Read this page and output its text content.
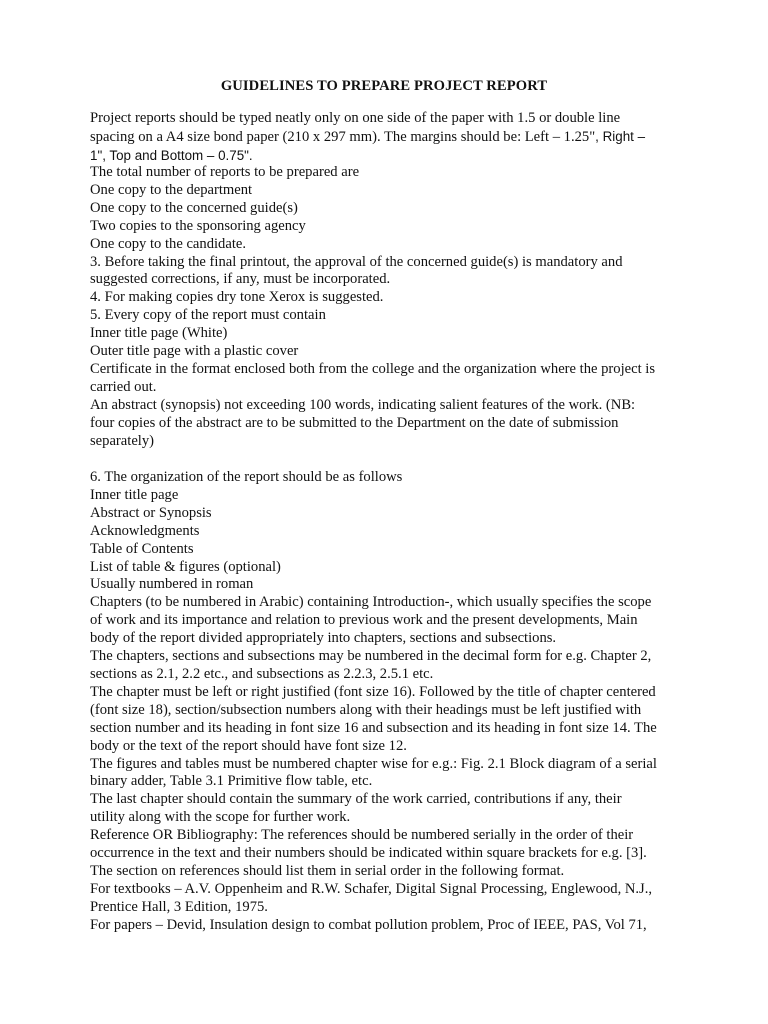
GUIDELINES TO PREPARE PROJECT REPORT

Project reports should be typed neatly only on one side of the paper with 1.5 or double line

spacing on a A4 size bond paper (210 x 297 mm). The margins should be: Left – 1.25", Right –

1", Top and Bottom – 0.75".

The total number of reports to be prepared are

One copy to the department

One copy to the concerned guide(s)

Two copies to the sponsoring agency

One copy to the candidate.

3. Before taking the final printout, the approval of the concerned guide(s) is mandatory and

suggested corrections, if any, must be incorporated.

4. For making copies dry tone Xerox is suggested.

5. Every copy of the report must contain

Inner title page (White)

Outer title page with a plastic cover

Certificate in the format enclosed both from the college and the organization where the project is

carried out.

An abstract (synopsis) not exceeding 100 words, indicating salient features of the work. (NB:

four copies of the abstract are to be submitted to the Department on the date of submission

separately)

6. The organization of the report should be as follows

Inner title page

Abstract or Synopsis

Acknowledgments

Table of Contents

List of table & figures (optional)

Usually numbered in roman

Chapters (to be numbered in Arabic) containing Introduction-, which usually specifies the scope

of work and its importance and relation to previous work and the present developments, Main

body of the report divided appropriately into chapters, sections and subsections.

The chapters, sections and subsections may be numbered in the decimal form for e.g. Chapter 2,

sections as 2.1, 2.2 etc., and subsections as 2.2.3, 2.5.1 etc.

The chapter must be left or right justified (font size 16). Followed by the title of chapter centered

(font size 18), section/subsection numbers along with their headings must be left justified with

section number and its heading in font size 16 and subsection and its heading in font size 14. The

body or the text of the report should have font size 12.

The figures and tables must be numbered chapter wise for e.g.: Fig. 2.1 Block diagram of a serial

binary adder, Table 3.1 Primitive flow table, etc.

The last chapter should contain the summary of the work carried, contributions if any, their

utility along with the scope for further work.

Reference OR Bibliography: The references should be numbered serially in the order of their

occurrence in the text and their numbers should be indicated within square brackets for e.g. [3].

The section on references should list them in serial order in the following format.

For textbooks – A.V. Oppenheim and R.W. Schafer, Digital Signal Processing, Englewood, N.J.,

Prentice Hall, 3 Edition, 1975.

For papers – Devid, Insulation design to combat pollution problem, Proc of IEEE, PAS, Vol 71,
